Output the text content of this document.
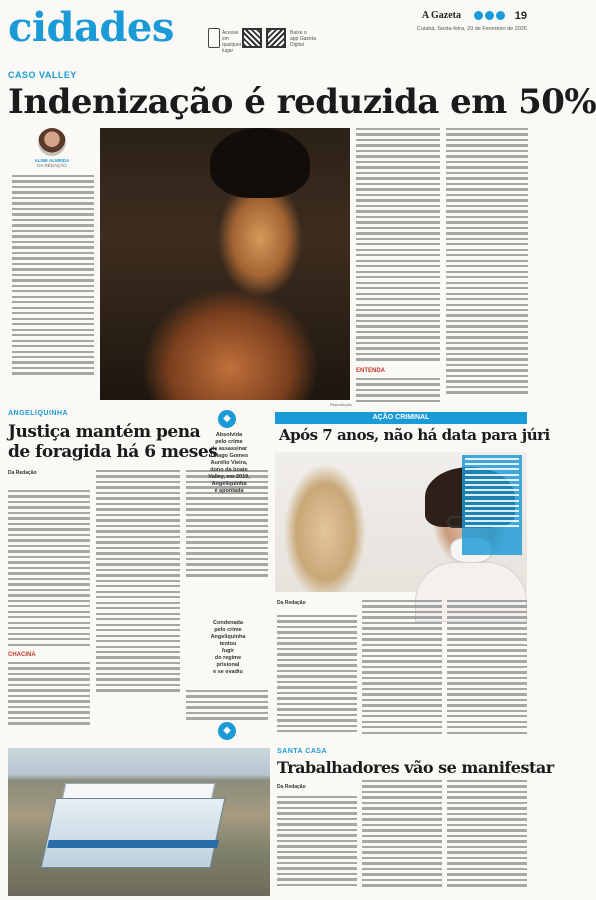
cidades	Acesse em qualquer lugar
Baixe o app Gazeta Digital
A Gazeta	19
Cuiabá, Sexta-feira, 20 de Fevereiro de 2026
CASO VALLEY
Indenização é reduzida em 50%
ALINE ALMEIDA
DA REDAÇÃO
Reprodução
ENTENDA
ANGELIQUINHA
Justiça mantém pena
de foragida há 6 meses
Da Redação
CHACINA
◆
Absolvida
pelo crime
de assassinar
Thiago Gomes
Aurélio Vieira,
dono da boate
Valley, em 2019,
Angeliquinha
é apontada
Condenada
pelo crime
Angeliquinha
tentou
fugir
do regime
prisional
e se evadiu
AÇÃO CRIMINAL
Após 7 anos, não há data para júri
Da Redação
◆
SANTA CASA
Trabalhadores vão se manifestar
Da Redação
